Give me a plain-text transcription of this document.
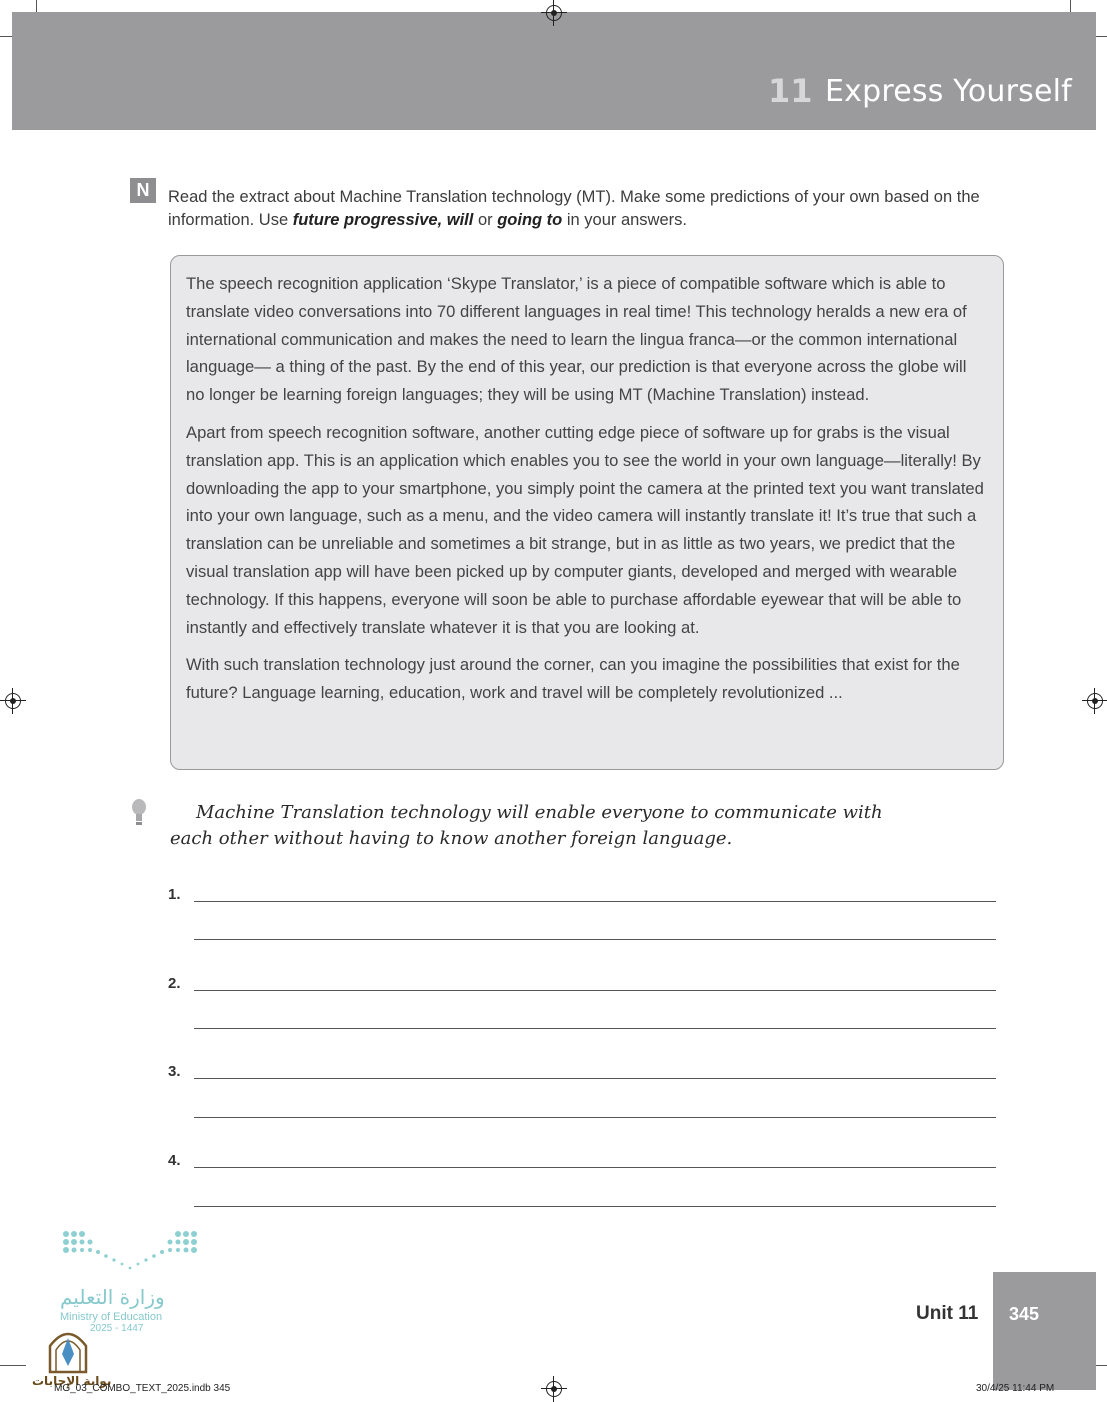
11 Express Yourself
N	Read the extract about Machine Translation technology (MT). Make some predictions of your own based on the information. Use future progressive, will or going to in your answers.

The speech recognition application ‘Skype Translator,’ is a piece of compatible software which is able to translate video conversations into 70 different languages in real time! This technology heralds a new era of international communication and makes the need to learn the lingua franca—or the common international language— a thing of the past. By the end of this year, our prediction is that everyone across the globe will no longer be learning foreign languages; they will be using MT (Machine Translation) instead.

Apart from speech recognition software, another cutting edge piece of software up for grabs is the visual translation app. This is an application which enables you to see the world in your own language—literally! By downloading the app to your smartphone, you simply point the camera at the printed text you want translated into your own language, such as a menu, and the video camera will instantly translate it! It’s true that such a translation can be unreliable and sometimes a bit strange, but in as little as two years, we predict that the visual translation app will have been picked up by computer giants, developed and merged with wearable technology. If this happens, everyone will soon be able to purchase affordable eyewear that will be able to instantly and effectively translate whatever it is that you are looking at.

With such translation technology just around the corner, can you imagine the possibilities that exist for the future? Language learning, education, work and travel will be completely revolutionized ...

Machine Translation technology will enable everyone to communicate with each other without having to know another foreign language.
1.
2.
3.
4.
وزارة التعليم
Ministry of Education
2025 - 1447
بوابة الإجابات
Unit 11 345
MG_03_COMBO_TEXT_2025.indb 345	30/4/25 11:44 PM
